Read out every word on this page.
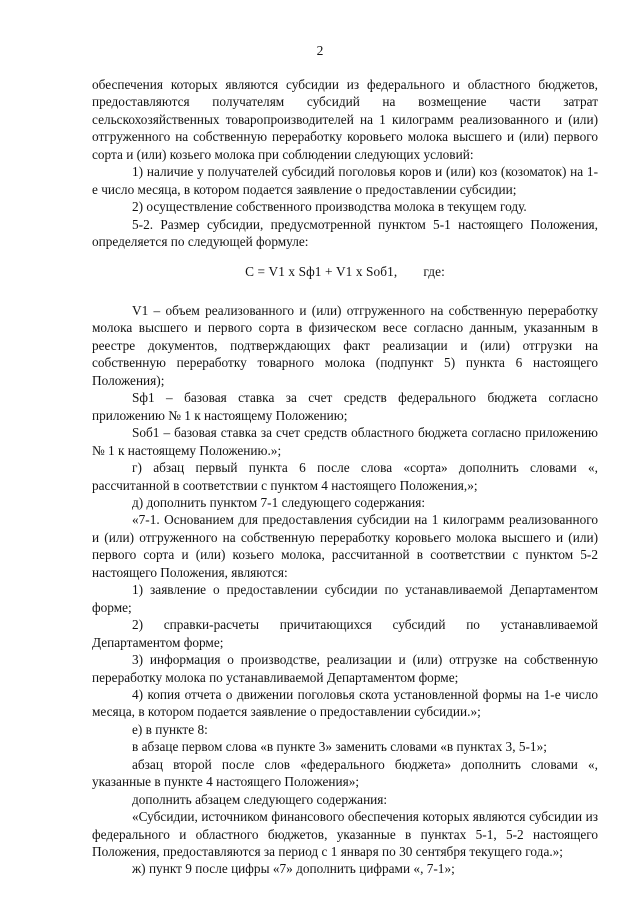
2

обеспечения которых являются субсидии из федерального и областного бюджетов, предоставляются получателям субсидий на возмещение части затрат сельскохозяйственных товаропроизводителей на 1 килограмм реализованного и (или) отгруженного на собственную переработку коровьего молока высшего и (или) первого сорта и (или) козьего молока при соблюдении следующих условий:

1) наличие у получателей субсидий поголовья коров и (или) коз (козоматок) на 1-е число месяца, в котором подается заявление о предоставлении субсидии;

2) осуществление собственного производства молока в текущем году.

5-2. Размер субсидии, предусмотренной пунктом 5-1 настоящего Положения, определяется по следующей формуле:

С = V1 x Sф1 + V1 x Sоб1, где:

V1 – объем реализованного и (или) отгруженного на собственную переработку молока высшего и первого сорта в физическом весе согласно данным, указанным в реестре документов, подтверждающих факт реализации и (или) отгрузки на собственную переработку товарного молока (подпункт 5) пункта 6 настоящего Положения);

Sф1 – базовая ставка за счет средств федерального бюджета согласно приложению № 1 к настоящему Положению;

Sоб1 – базовая ставка за счет средств областного бюджета согласно приложению № 1 к настоящему Положению.»;

г) абзац первый пункта 6 после слова «сорта» дополнить словами «, рассчитанной в соответствии с пунктом 4 настоящего Положения,»;

д) дополнить пунктом 7-1 следующего содержания:

«7-1. Основанием для предоставления субсидии на 1 килограмм реализованного и (или) отгруженного на собственную переработку коровьего молока высшего и (или) первого сорта и (или) козьего молока, рассчитанной в соответствии с пунктом 5-2 настоящего Положения, являются:

1) заявление о предоставлении субсидии по устанавливаемой Департаментом форме;

2) справки-расчеты причитающихся субсидий по устанавливаемой Департаментом форме;

3) информация о производстве, реализации и (или) отгрузке на собственную переработку молока по устанавливаемой Департаментом форме;

4) копия отчета о движении поголовья скота установленной формы на 1-е число месяца, в котором подается заявление о предоставлении субсидии.»;

е) в пункте 8:

в абзаце первом слова «в пункте 3» заменить словами «в пунктах 3, 5-1»;

абзац второй после слов «федерального бюджета» дополнить словами «, указанные в пункте 4 настоящего Положения»;

дополнить абзацем следующего содержания:

«Субсидии, источником финансового обеспечения которых являются субсидии из федерального и областного бюджетов, указанные в пунктах 5-1, 5-2 настоящего Положения, предоставляются за период с 1 января по 30 сентября текущего года.»;

ж) пункт 9 после цифры «7» дополнить цифрами «, 7-1»;
